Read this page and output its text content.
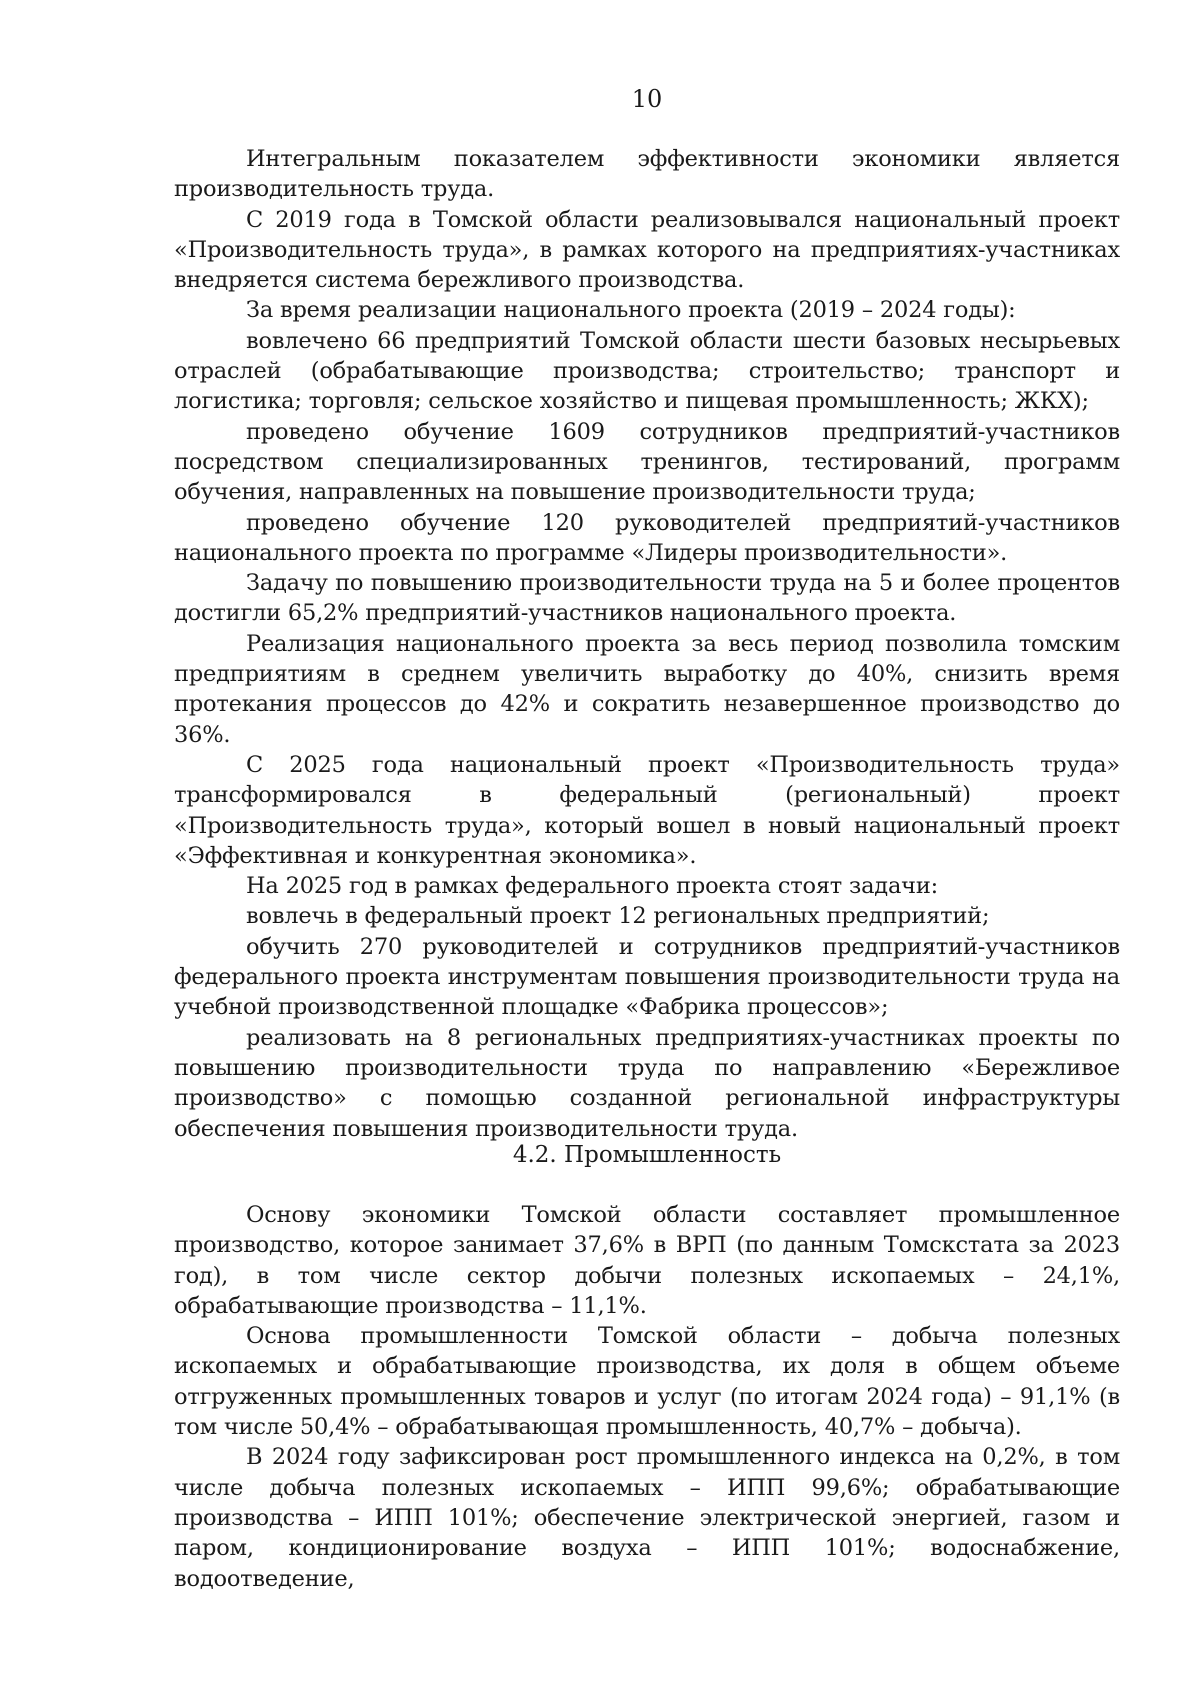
10

Интегральным показателем эффективности экономики является производительность труда.

С 2019 года в Томской области реализовывался национальный проект «Производительность труда», в рамках которого на предприятиях-участниках внедряется система бережливого производства.

За время реализации национального проекта (2019 – 2024 годы):

вовлечено 66 предприятий Томской области шести базовых несырьевых отраслей (обрабатывающие производства; строительство; транспорт и логистика; торговля; сельское хозяйство и пищевая промышленность; ЖКХ);

проведено обучение 1609 сотрудников предприятий-участников посредством специализированных тренингов, тестирований, программ обучения, направленных на повышение производительности труда;

проведено обучение 120 руководителей предприятий-участников национального проекта по программе «Лидеры производительности».

Задачу по повышению производительности труда на 5 и более процентов достигли 65,2% предприятий-участников национального проекта.

Реализация национального проекта за весь период позволила томским предприятиям в среднем увеличить выработку до 40%, снизить время протекания процессов до 42% и сократить незавершенное производство до 36%.

С 2025 года национальный проект «Производительность труда» трансформировался в федеральный (региональный) проект «Производительность труда», который вошел в новый национальный проект «Эффективная и конкурентная экономика».

На 2025 год в рамках федерального проекта стоят задачи:

вовлечь в федеральный проект 12 региональных предприятий;

обучить 270 руководителей и сотрудников предприятий-участников федерального проекта инструментам повышения производительности труда на учебной производственной площадке «Фабрика процессов»;

реализовать на 8 региональных предприятиях-участниках проекты по повышению производительности труда по направлению «Бережливое производство» с помощью созданной региональной инфраструктуры обеспечения повышения производительности труда.

4.2. Промышленность

Основу экономики Томской области составляет промышленное производство, которое занимает 37,6% в ВРП (по данным Томскстата за 2023 год), в том числе сектор добычи полезных ископаемых – 24,1%, обрабатывающие производства – 11,1%.

Основа промышленности Томской области – добыча полезных ископаемых и обрабатывающие производства, их доля в общем объеме отгруженных промышленных товаров и услуг (по итогам 2024 года) – 91,1% (в том числе 50,4% – обрабатывающая промышленность, 40,7% – добыча).

В 2024 году зафиксирован рост промышленного индекса на 0,2%, в том числе добыча полезных ископаемых – ИПП 99,6%; обрабатывающие производства – ИПП 101%; обеспечение электрической энергией, газом и паром, кондиционирование воздуха – ИПП 101%; водоснабжение, водоотведение,
